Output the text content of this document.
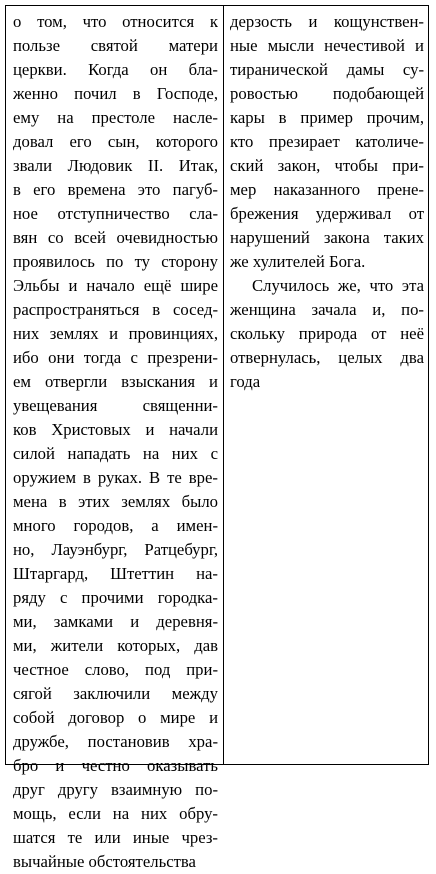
о том, что относится к
пользе святой матери
церкви. Когда он бла-
женно почил в Господе,
ему на престоле наслe-
довал его сын, которого
звали Людовик II. Итак,
в его времена это пагуб-
ное отступничество сла-
вян со всей очевидностью
проявилось по ту сторону
Эльбы и начало ещё шире
распространяться в сосед-
них землях и провинциях,
ибо они тогда с презрени-
ем отвергли взыскания и
увещевания священни-
ков Христовых и начали
силой нападать на них с
оружием в руках. В те вре-
мена в этих землях было
много городов, а имен-
но, Лауэнбург, Ратцебург,
Штаргард, Штеттин на-
ряду с прочими городка-
ми, замками и деревня-
ми, жители которых, дав
честное слово, под при-
сягой заключили между
собой договор о мире и
дружбе, постановив хра-
бро и честно оказывать
друг другу взаимную по-
мощь, если на них обру-
шатся те или иные чрез-
вычайные обстоятельства
дерзость и кощунствен-
ные мысли нечестивой и
тиранической дамы су-
ровостью подобающей
кары в пример прочим,
кто презирает католиче-
ский закон, чтобы при-
мер наказанного прене-
брежения удерживал от
нарушений закона таких
же хулителей Бога.
Случилось же, что эта
женщина зачала и, по-
скольку природа от неё
отвернулась, целых два
года
